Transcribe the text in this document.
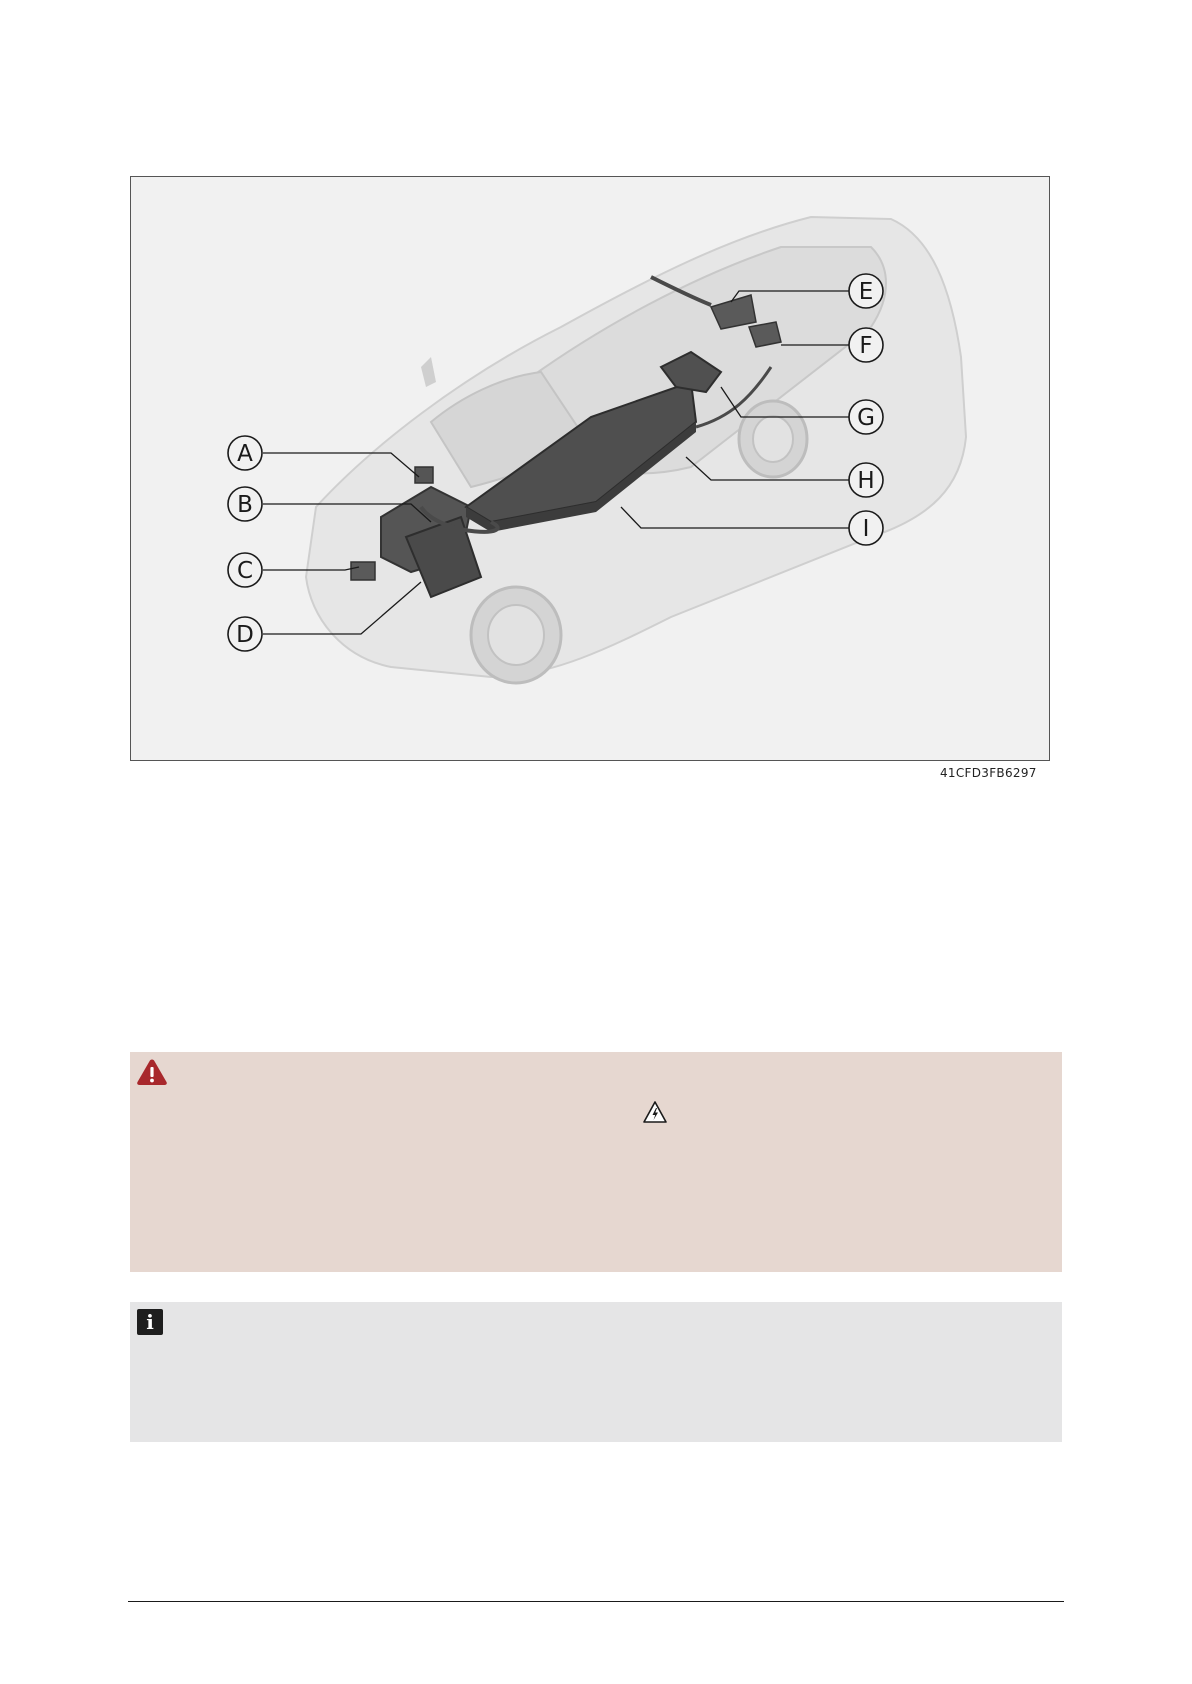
A
B
C
D
E
F
G
H
I
41CFD3FB6297
i
